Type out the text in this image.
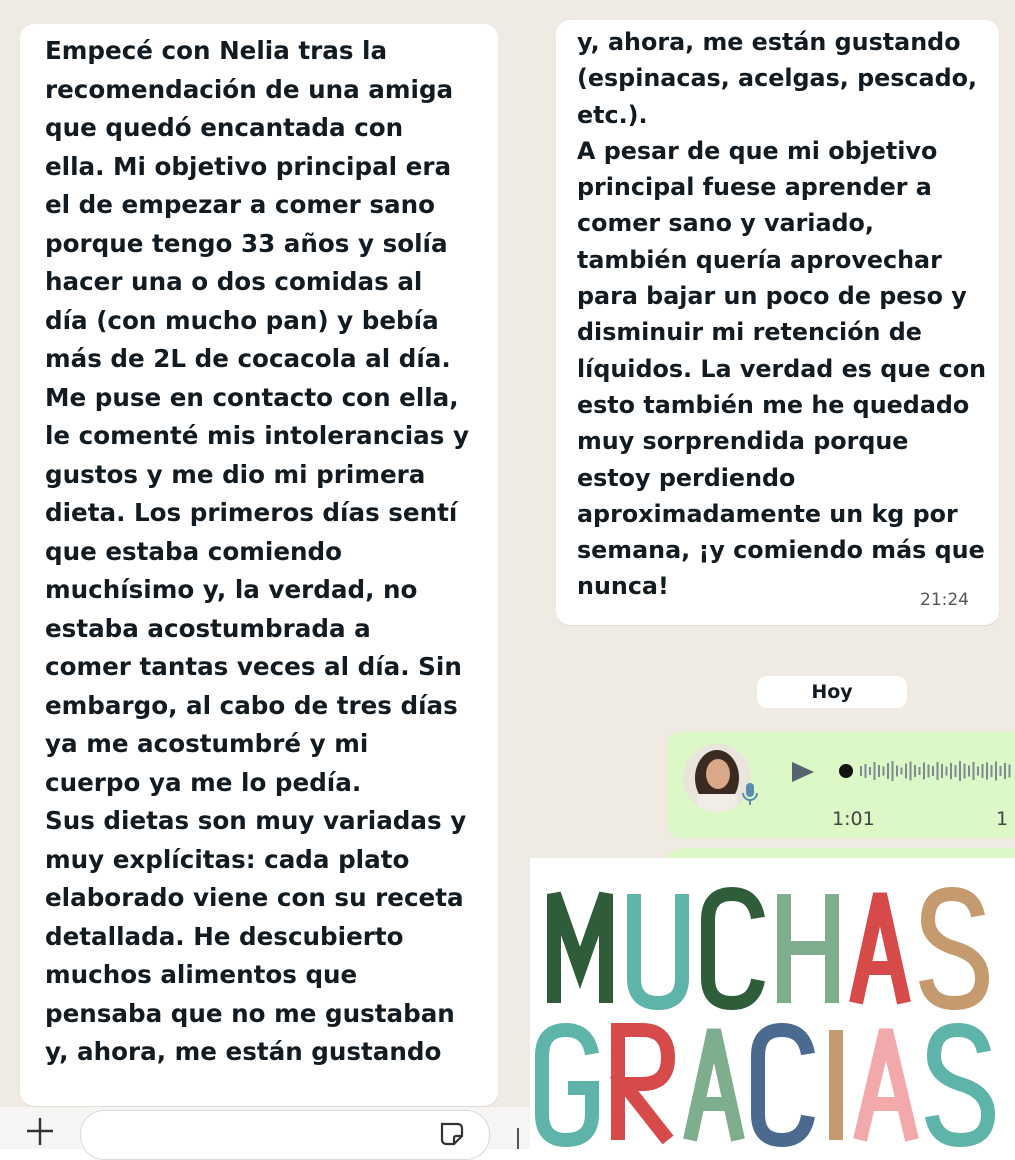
Empecé con Nelia tras la
recomendación de una amiga
que quedó encantada con
ella. Mi objetivo principal era
el de empezar a comer sano
porque tengo 33 años y solía
hacer una o dos comidas al
día (con mucho pan) y bebía
más de 2L de cocacola al día.
Me puse en contacto con ella,
le comenté mis intolerancias y
gustos y me dio mi primera
dieta. Los primeros días sentí
que estaba comiendo
muchísimo y, la verdad, no
estaba acostumbrada a
comer tantas veces al día. Sin
embargo, al cabo de tres días
ya me acostumbré y mi
cuerpo ya me lo pedía.
Sus dietas son muy variadas y
muy explícitas: cada plato
elaborado viene con su receta
detallada. He descubierto
muchos alimentos que
pensaba que no me gustaban
y, ahora, me están gustando
y, ahora, me están gustando
(espinacas, acelgas, pescado,
etc.).
A pesar de que mi objetivo
principal fuese aprender a
comer sano y variado,
también quería aprovechar
para bajar un poco de peso y
disminuir mi retención de
líquidos. La verdad es que con
esto también me he quedado
muy sorprendida porque
estoy perdiendo
aproximadamente un kg por
semana, ¡y comiendo más que
nunca!	21:24
Hoy
1:01	1
